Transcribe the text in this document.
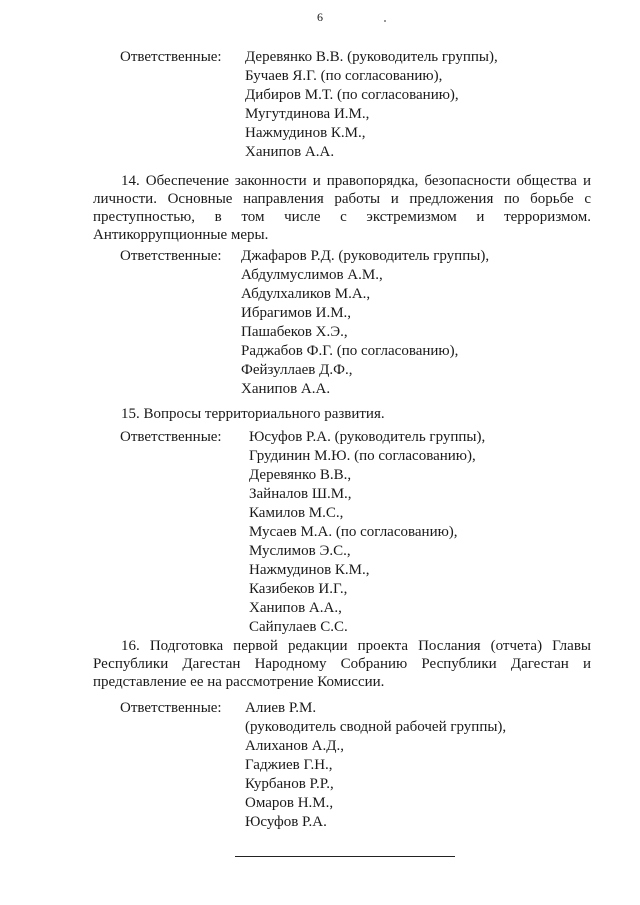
6
Ответственные: Деревянко В.В. (руководитель группы),
Бучаев Я.Г. (по согласованию),
Дибиров М.Т. (по согласованию),
Мугутдинова И.М.,
Нажмудинов К.М.,
Ханипов А.А.
14. Обеспечение законности и правопорядка, безопасности общества и
личности. Основные направления работы и предложения по борьбе с
преступностью, в том числе с экстремизмом и терроризмом.
Антикоррупционные меры.
Ответственные: Джафаров Р.Д. (руководитель группы),
Абдулмуслимов А.М.,
Абдулхаликов М.А.,
Ибрагимов И.М.,
Пашабеков Х.Э.,
Раджабов Ф.Г. (по согласованию),
Фейзуллаев Д.Ф.,
Ханипов А.А.
15. Вопросы территориального развития.
Ответственные: Юсуфов Р.А. (руководитель группы),
Грудинин М.Ю. (по согласованию),
Деревянко В.В.,
Зайналов Ш.М.,
Камилов М.С.,
Мусаев М.А. (по согласованию),
Муслимов Э.С.,
Нажмудинов К.М.,
Казибеков И.Г.,
Ханипов А.А.,
Сайпулаев С.С.
16. Подготовка первой редакции проекта Послания (отчета) Главы
Республики Дагестан Народному Собранию Республики Дагестан и
представление ее на рассмотрение Комиссии.
Ответственные: Алиев Р.М.
(руководитель сводной рабочей группы),
Алиханов А.Д.,
Гаджиев Г.Н.,
Курбанов Р.Р.,
Омаров Н.М.,
Юсуфов Р.А.
